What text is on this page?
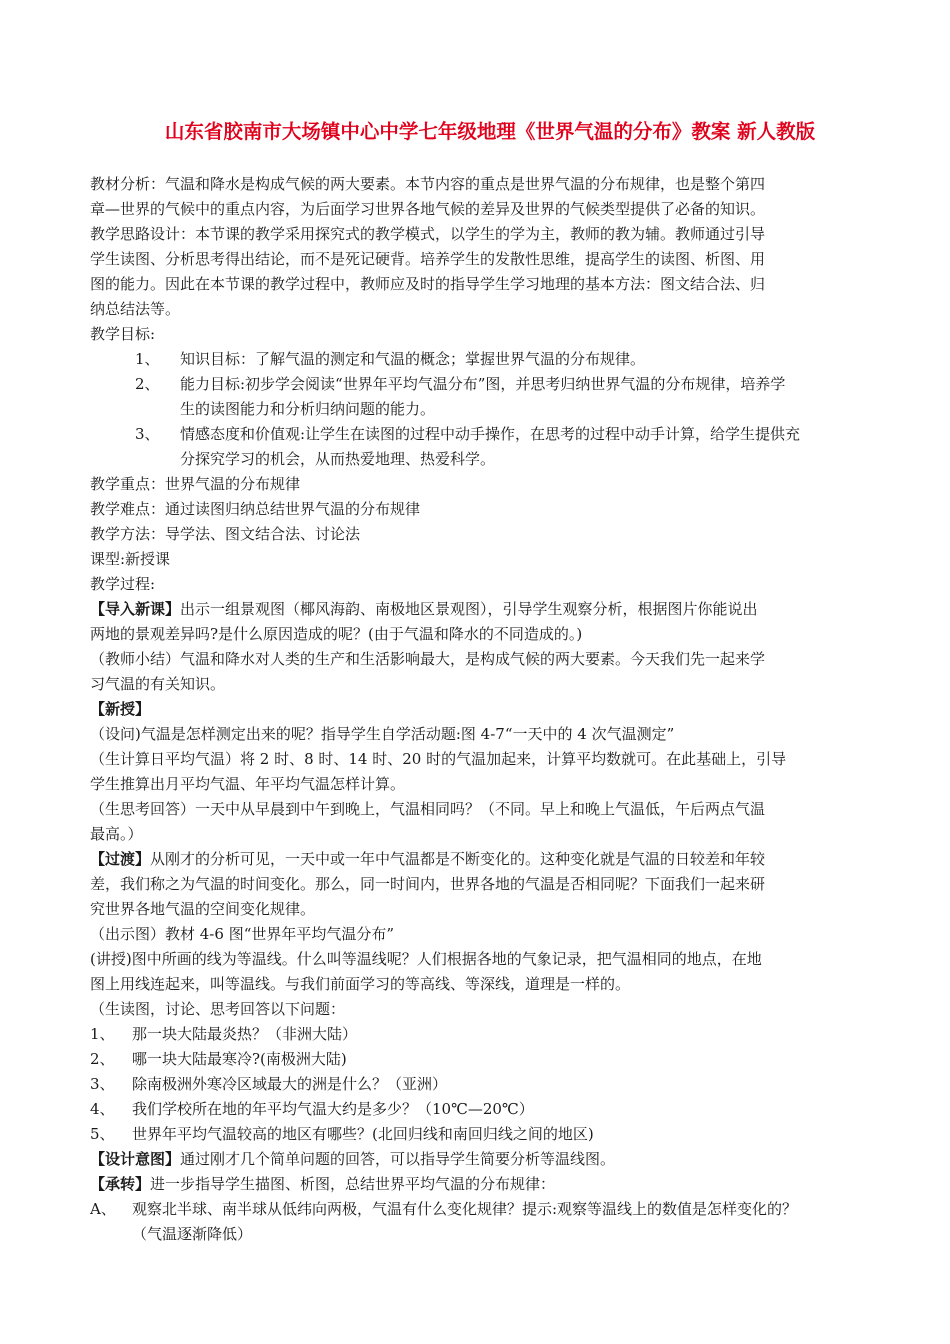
山东省胶南市大场镇中心中学七年级地理《世界气温的分布》教案 新人教版

教材分析：气温和降水是构成气候的两大要素。本节内容的重点是世界气温的分布规律，也是整个第四

章—世界的气候中的重点内容，为后面学习世界各地气候的差异及世界的气候类型提供了必备的知识。

教学思路设计：本节课的教学采用探究式的教学模式，以学生的学为主，教师的教为辅。教师通过引导

学生读图、分析思考得出结论，而不是死记硬背。培养学生的发散性思维，提高学生的读图、析图、用

图的能力。因此在本节课的教学过程中，教师应及时的指导学生学习地理的基本方法：图文结合法、归

纳总结法等。

教学目标:

1、 知识目标：了解气温的测定和气温的概念；掌握世界气温的分布规律。
2、 能力目标:初步学会阅读“世界年平均气温分布”图，并思考归纳世界气温的分布规律，培养学
生的读图能力和分析归纳问题的能力。
3、 情感态度和价值观:让学生在读图的过程中动手操作，在思考的过程中动手计算，给学生提供充
分探究学习的机会，从而热爱地理、热爱科学。

教学重点：世界气温的分布规律

教学难点：通过读图归纳总结世界气温的分布规律

教学方法：导学法、图文结合法、讨论法

课型:新授课

教学过程:

【导入新课】出示一组景观图（椰风海韵、南极地区景观图），引导学生观察分析，根据图片你能说出

两地的景观差异吗?是什么原因造成的呢？(由于气温和降水的不同造成的。)

（教师小结）气温和降水对人类的生产和生活影响最大，是构成气候的两大要素。今天我们先一起来学

习气温的有关知识。

【新授】

（设问)气温是怎样测定出来的呢？指导学生自学活动题:图 4-7“一天中的 4 次气温测定”

（生计算日平均气温）将 2 时、8 时、14 时、20 时的气温加起来，计算平均数就可。在此基础上，引导

学生推算出月平均气温、年平均气温怎样计算。

（生思考回答）一天中从早晨到中午到晚上，气温相同吗？（不同。早上和晚上气温低，午后两点气温

最高。）

【过渡】从刚才的分析可见，一天中或一年中气温都是不断变化的。这种变化就是气温的日较差和年较

差，我们称之为气温的时间变化。那么，同一时间内，世界各地的气温是否相同呢？下面我们一起来研

究世界各地气温的空间变化规律。

（出示图）教材 4-6 图“世界年平均气温分布”

(讲授)图中所画的线为等温线。什么叫等温线呢？人们根据各地的气象记录，把气温相同的地点，在地

图上用线连起来，叫等温线。与我们前面学习的等高线、等深线，道理是一样的。

（生读图，讨论、思考回答以下问题：

1、 那一块大陆最炎热？（非洲大陆）
2、 哪一块大陆最寒冷?(南极洲大陆)
3、 除南极洲外寒冷区域最大的洲是什么？（亚洲）
4、 我们学校所在地的年平均气温大约是多少？（10℃—20℃）
5、 世界年平均气温较高的地区有哪些？(北回归线和南回归线之间的地区)

【设计意图】通过刚才几个简单问题的回答，可以指导学生简要分析等温线图。

【承转】进一步指导学生描图、析图，总结世界平均气温的分布规律：

A、 观察北半球、南半球从低纬向两极，气温有什么变化规律？提示:观察等温线上的数值是怎样变化的？

（气温逐渐降低）
